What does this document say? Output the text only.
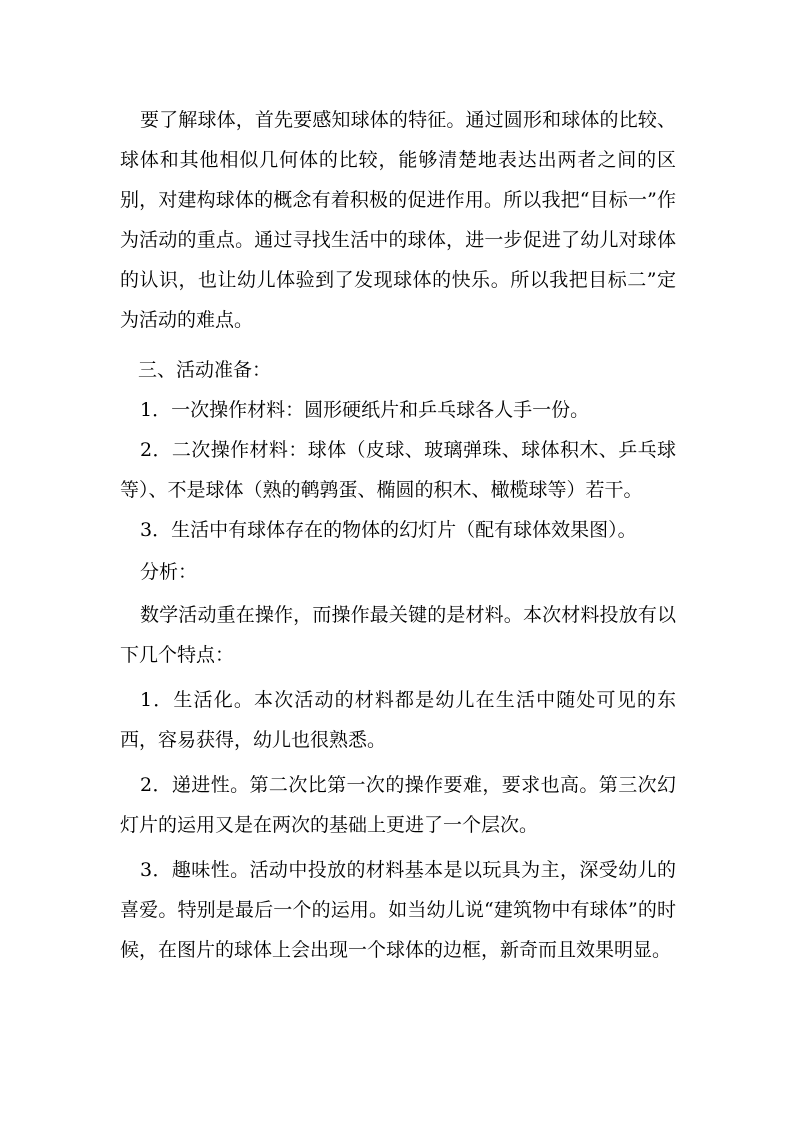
要了解球体，首先要感知球体的特征。通过圆形和球体的比较、球体和其他相似几何体的比较，能够清楚地表达出两者之间的区别，对建构球体的概念有着积极的促进作用。所以我把“目标一”作为活动的重点。通过寻找生活中的球体，进一步促进了幼儿对球体的认识，也让幼儿体验到了发现球体的快乐。所以我把目标二”定为活动的难点。

三、活动准备：

1．一次操作材料：圆形硬纸片和乒乓球各人手一份。

2．二次操作材料：球体（皮球、玻璃弹珠、球体积木、乒乓球等）、不是球体（熟的鹌鹑蛋、椭圆的积木、橄榄球等）若干。

3．生活中有球体存在的物体的幻灯片（配有球体效果图）。

分析：

数学活动重在操作，而操作最关键的是材料。本次材料投放有以下几个特点：

1．生活化。本次活动的材料都是幼儿在生活中随处可见的东西，容易获得，幼儿也很熟悉。

2．递进性。第二次比第一次的操作要难，要求也高。第三次幻灯片的运用又是在两次的基础上更进了一个层次。

3．趣味性。活动中投放的材料基本是以玩具为主，深受幼儿的喜爱。特别是最后一个的运用。如当幼儿说“建筑物中有球体”的时候，在图片的球体上会出现一个球体的边框，新奇而且效果明显。
